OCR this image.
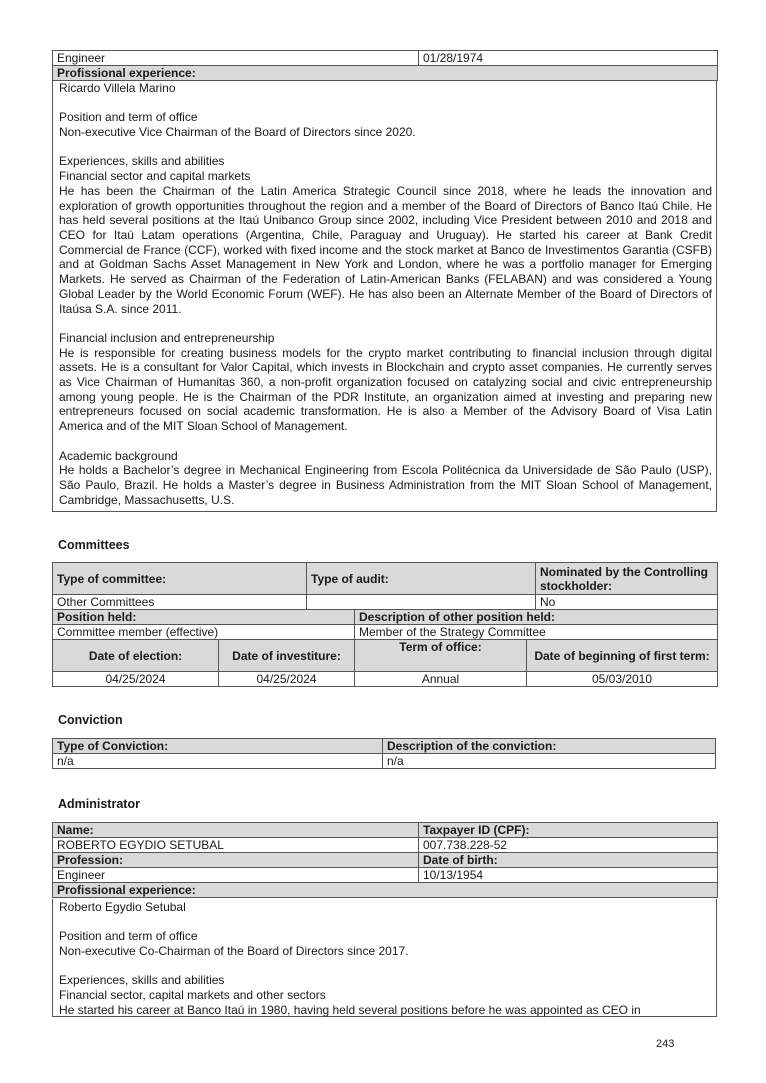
Engineer	01/28/1974
Profissional experience:

Ricardo Villela Marino

Position and term of office

Non-executive Vice Chairman of the Board of Directors since 2020.

Experiences, skills and abilities

Financial sector and capital markets

He has been the Chairman of the Latin America Strategic Council since 2018, where he leads the innovation and exploration of growth opportunities throughout the region and a member of the Board of Directors of Banco Itaú Chile. He has held several positions at the Itaú Unibanco Group since 2002, including Vice President between 2010 and 2018 and CEO for Itaú Latam operations (Argentina, Chile, Paraguay and Uruguay). He started his career at Bank Credit Commercial de France (CCF), worked with fixed income and the stock market at Banco de Investimentos Garantia (CSFB) and at Goldman Sachs Asset Management in New York and London, where he was a portfolio manager for Emerging Markets. He served as Chairman of the Federation of Latin-American Banks (FELABAN) and was considered a Young Global Leader by the World Economic Forum (WEF). He has also been an Alternate Member of the Board of Directors of Itaúsa S.A. since 2011.

Financial inclusion and entrepreneurship

He is responsible for creating business models for the crypto market contributing to financial inclusion through digital assets. He is a consultant for Valor Capital, which invests in Blockchain and crypto asset companies. He currently serves as Vice Chairman of Humanitas 360, a non-profit organization focused on catalyzing social and civic entrepreneurship among young people. He is the Chairman of the PDR Institute, an organization aimed at investing and preparing new entrepreneurs focused on social academic transformation. He is also a Member of the Advisory Board of Visa Latin America and of the MIT Sloan School of Management.

Academic background

He holds a Bachelor’s degree in Mechanical Engineering from Escola Politécnica da Universidade de São Paulo (USP), São Paulo, Brazil. He holds a Master’s degree in Business Administration from the MIT Sloan School of Management, Cambridge, Massachusetts, U.S.

Committees
Type of committee:	Type of audit:	Nominated by the Controlling stockholder:
Other Committees		No
Position held:	Description of other position held:
Committee member (effective)	Member of the Strategy Committee
Date of election:	Date of investiture:	Term of office:	Date of beginning of first term:
04/25/2024	04/25/2024	Annual	05/03/2010
Conviction
Type of Conviction:	Description of the conviction:
n/a	n/a
Administrator
Name:	Taxpayer ID (CPF):
ROBERTO EGYDIO SETUBAL	007.738.228-52
Profession:	Date of birth:
Engineer	10/13/1954
Profissional experience:	

Roberto Egydio Setubal

Position and term of office

Non-executive Co-Chairman of the Board of Directors since 2017.

Experiences, skills and abilities

Financial sector, capital markets and other sectors

He started his career at Banco Itaú in 1980, having held several positions before he was appointed as CEO in

243
